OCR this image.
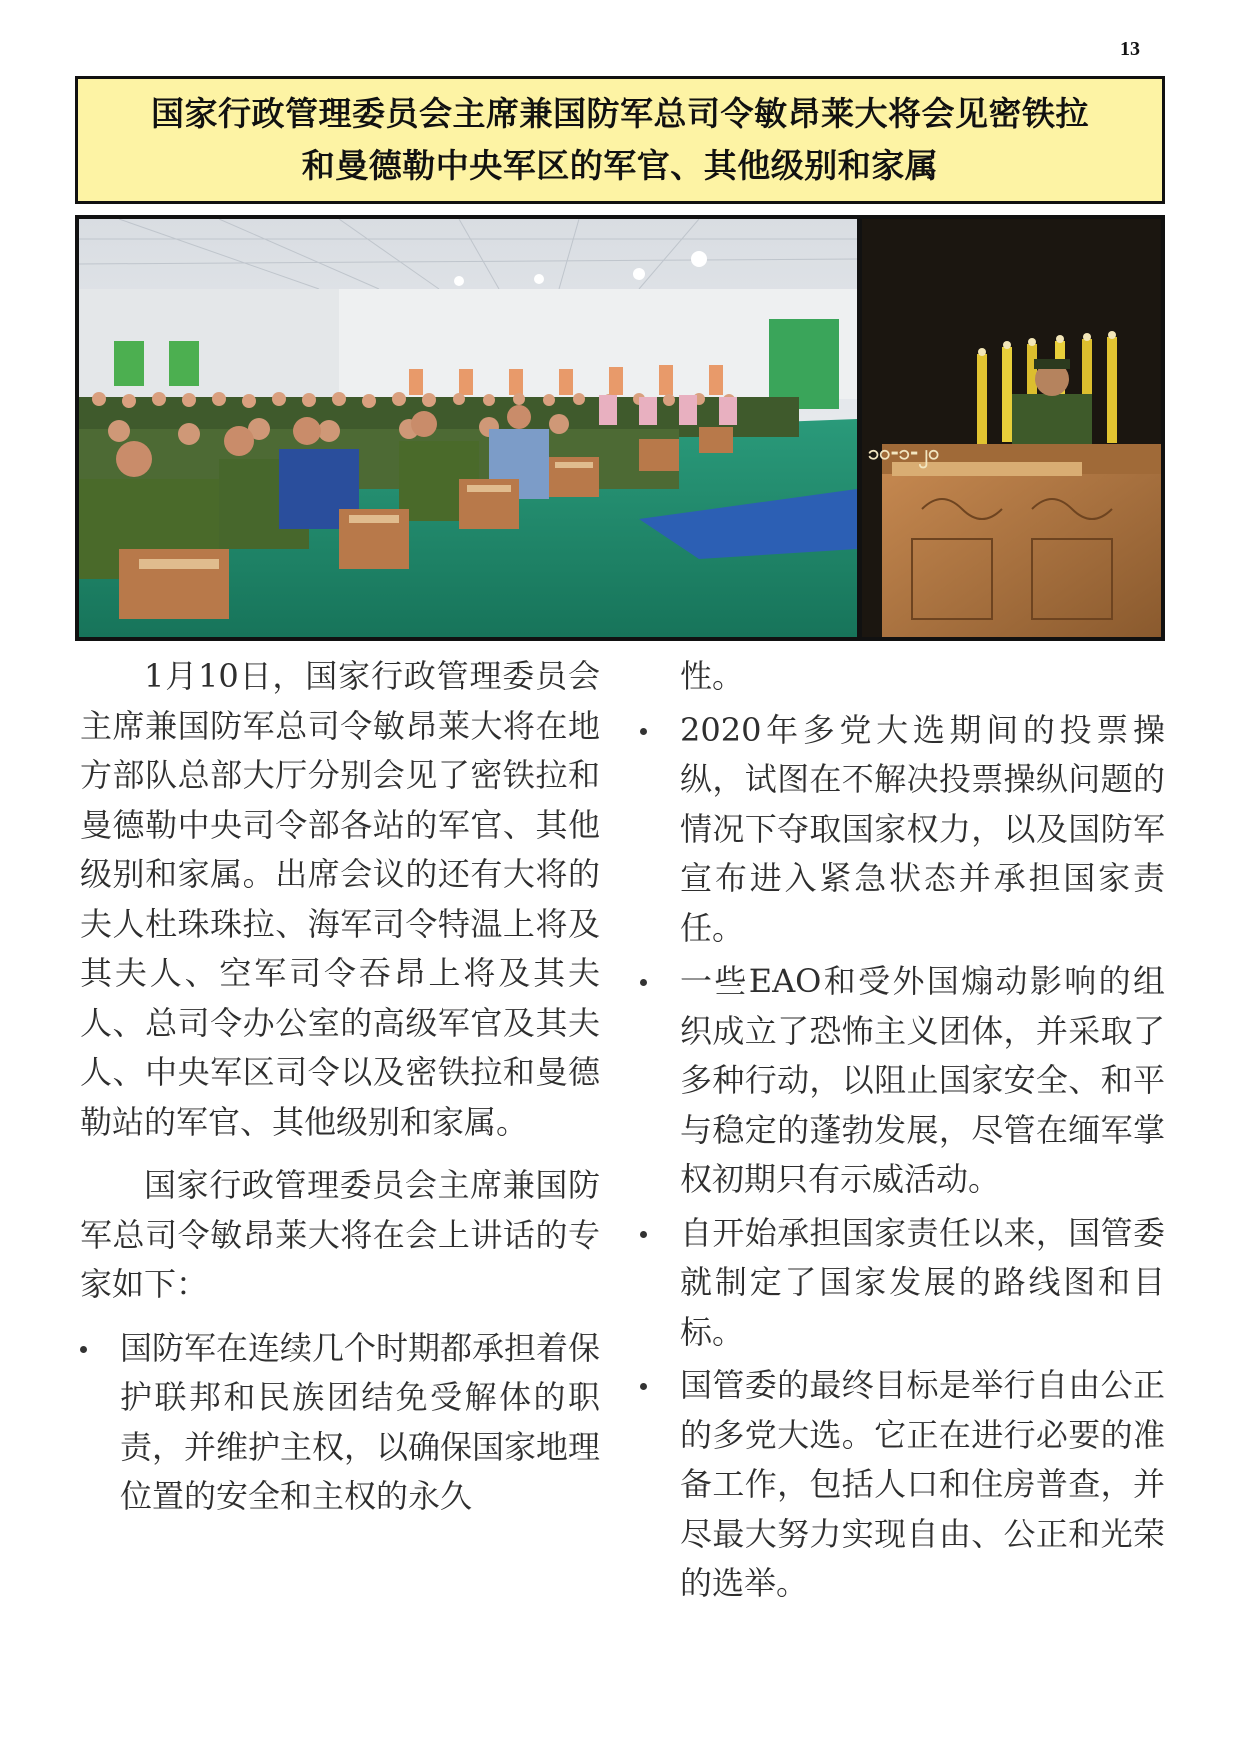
13
国家行政管理委员会主席兼国防军总司令敏昂莱大将会见密铁拉
和曼德勒中央军区的军官、其他级别和家属
၁၀-၁-၂၀

1月10日，国家行政管理委员会主席兼国防军总司令敏昂莱大将在地方部队总部大厅分别会见了密铁拉和曼德勒中央司令部各站的军官、其他级别和家属。出席会议的还有大将的夫人杜珠珠拉、海军司令特温上将及其夫人、空军司令吞昂上将及其夫人、总司令办公室的高级军官及其夫人、中央军区司令以及密铁拉和曼德勒站的军官、其他级别和家属。

国家行政管理委员会主席兼国防军总司令敏昂莱大将在会上讲话的专家如下：

国防军在连续几个时期都承担着保护联邦和民族团结免受解体的职责，并维护主权，以确保国家地理位置的安全和主权的永久

性。

2020年多党大选期间的投票操纵，试图在不解决投票操纵问题的情况下夺取国家权力，以及国防军宣布进入紧急状态并承担国家责任。
一些EAO和受外国煽动影响的组织成立了恐怖主义团体，并采取了多种行动，以阻止国家安全、和平与稳定的蓬勃发展，尽管在缅军掌权初期只有示威活动。
自开始承担国家责任以来，国管委就制定了国家发展的路线图和目标。
国管委的最终目标是举行自由公正的多党大选。它正在进行必要的准备工作，包括人口和住房普查，并尽最大努力实现自由、公正和光荣的选举。
